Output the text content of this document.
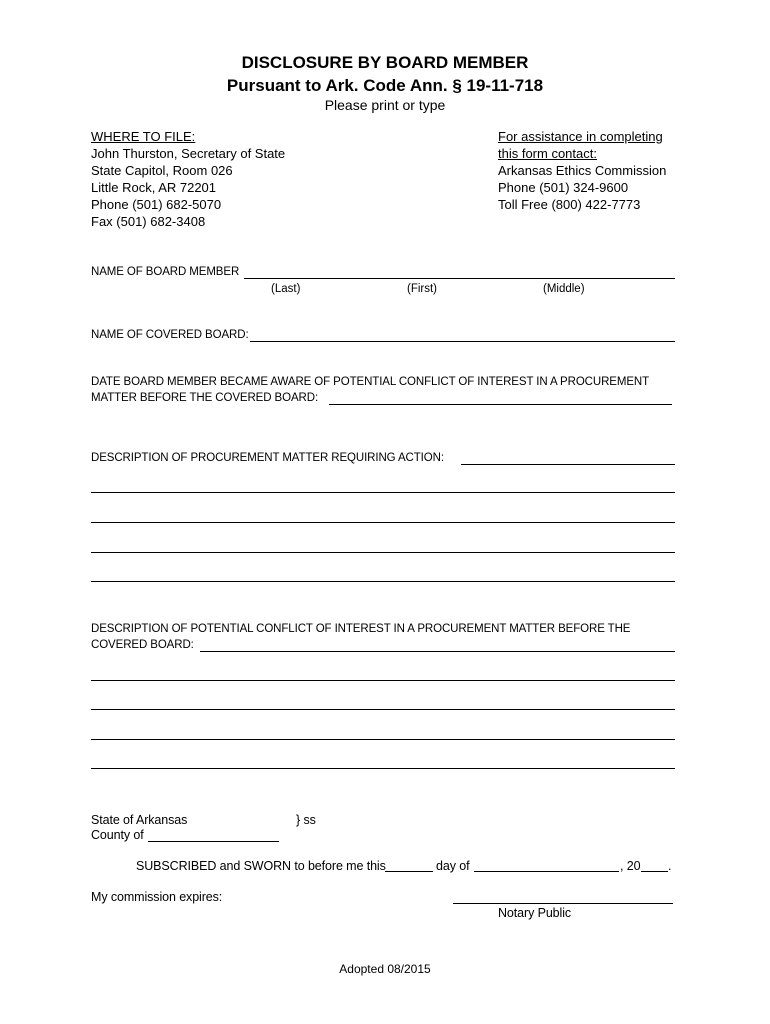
DISCLOSURE BY BOARD MEMBER
Pursuant to Ark. Code Ann. § 19-11-718
Please print or type
WHERE TO FILE:
John Thurston, Secretary of State
State Capitol, Room 026
Little Rock, AR 72201
Phone (501) 682-5070
Fax (501) 682-3408
For assistance in completing
this form contact:
Arkansas Ethics Commission
Phone (501) 324-9600
Toll Free (800) 422-7773
NAME OF BOARD MEMBER
(Last)	(First)	(Middle)
NAME OF COVERED BOARD:
DATE BOARD MEMBER BECAME AWARE OF POTENTIAL CONFLICT OF INTEREST IN A PROCUREMENT
MATTER BEFORE THE COVERED BOARD:
DESCRIPTION OF PROCUREMENT MATTER REQUIRING ACTION:
DESCRIPTION OF POTENTIAL CONFLICT OF INTEREST IN A PROCUREMENT MATTER BEFORE THE
COVERED BOARD:
State of Arkansas	} ss
County of
SUBSCRIBED and SWORN to before me this	day of	, 20 .
My commission expires:
Notary Public
Adopted 08/2015
